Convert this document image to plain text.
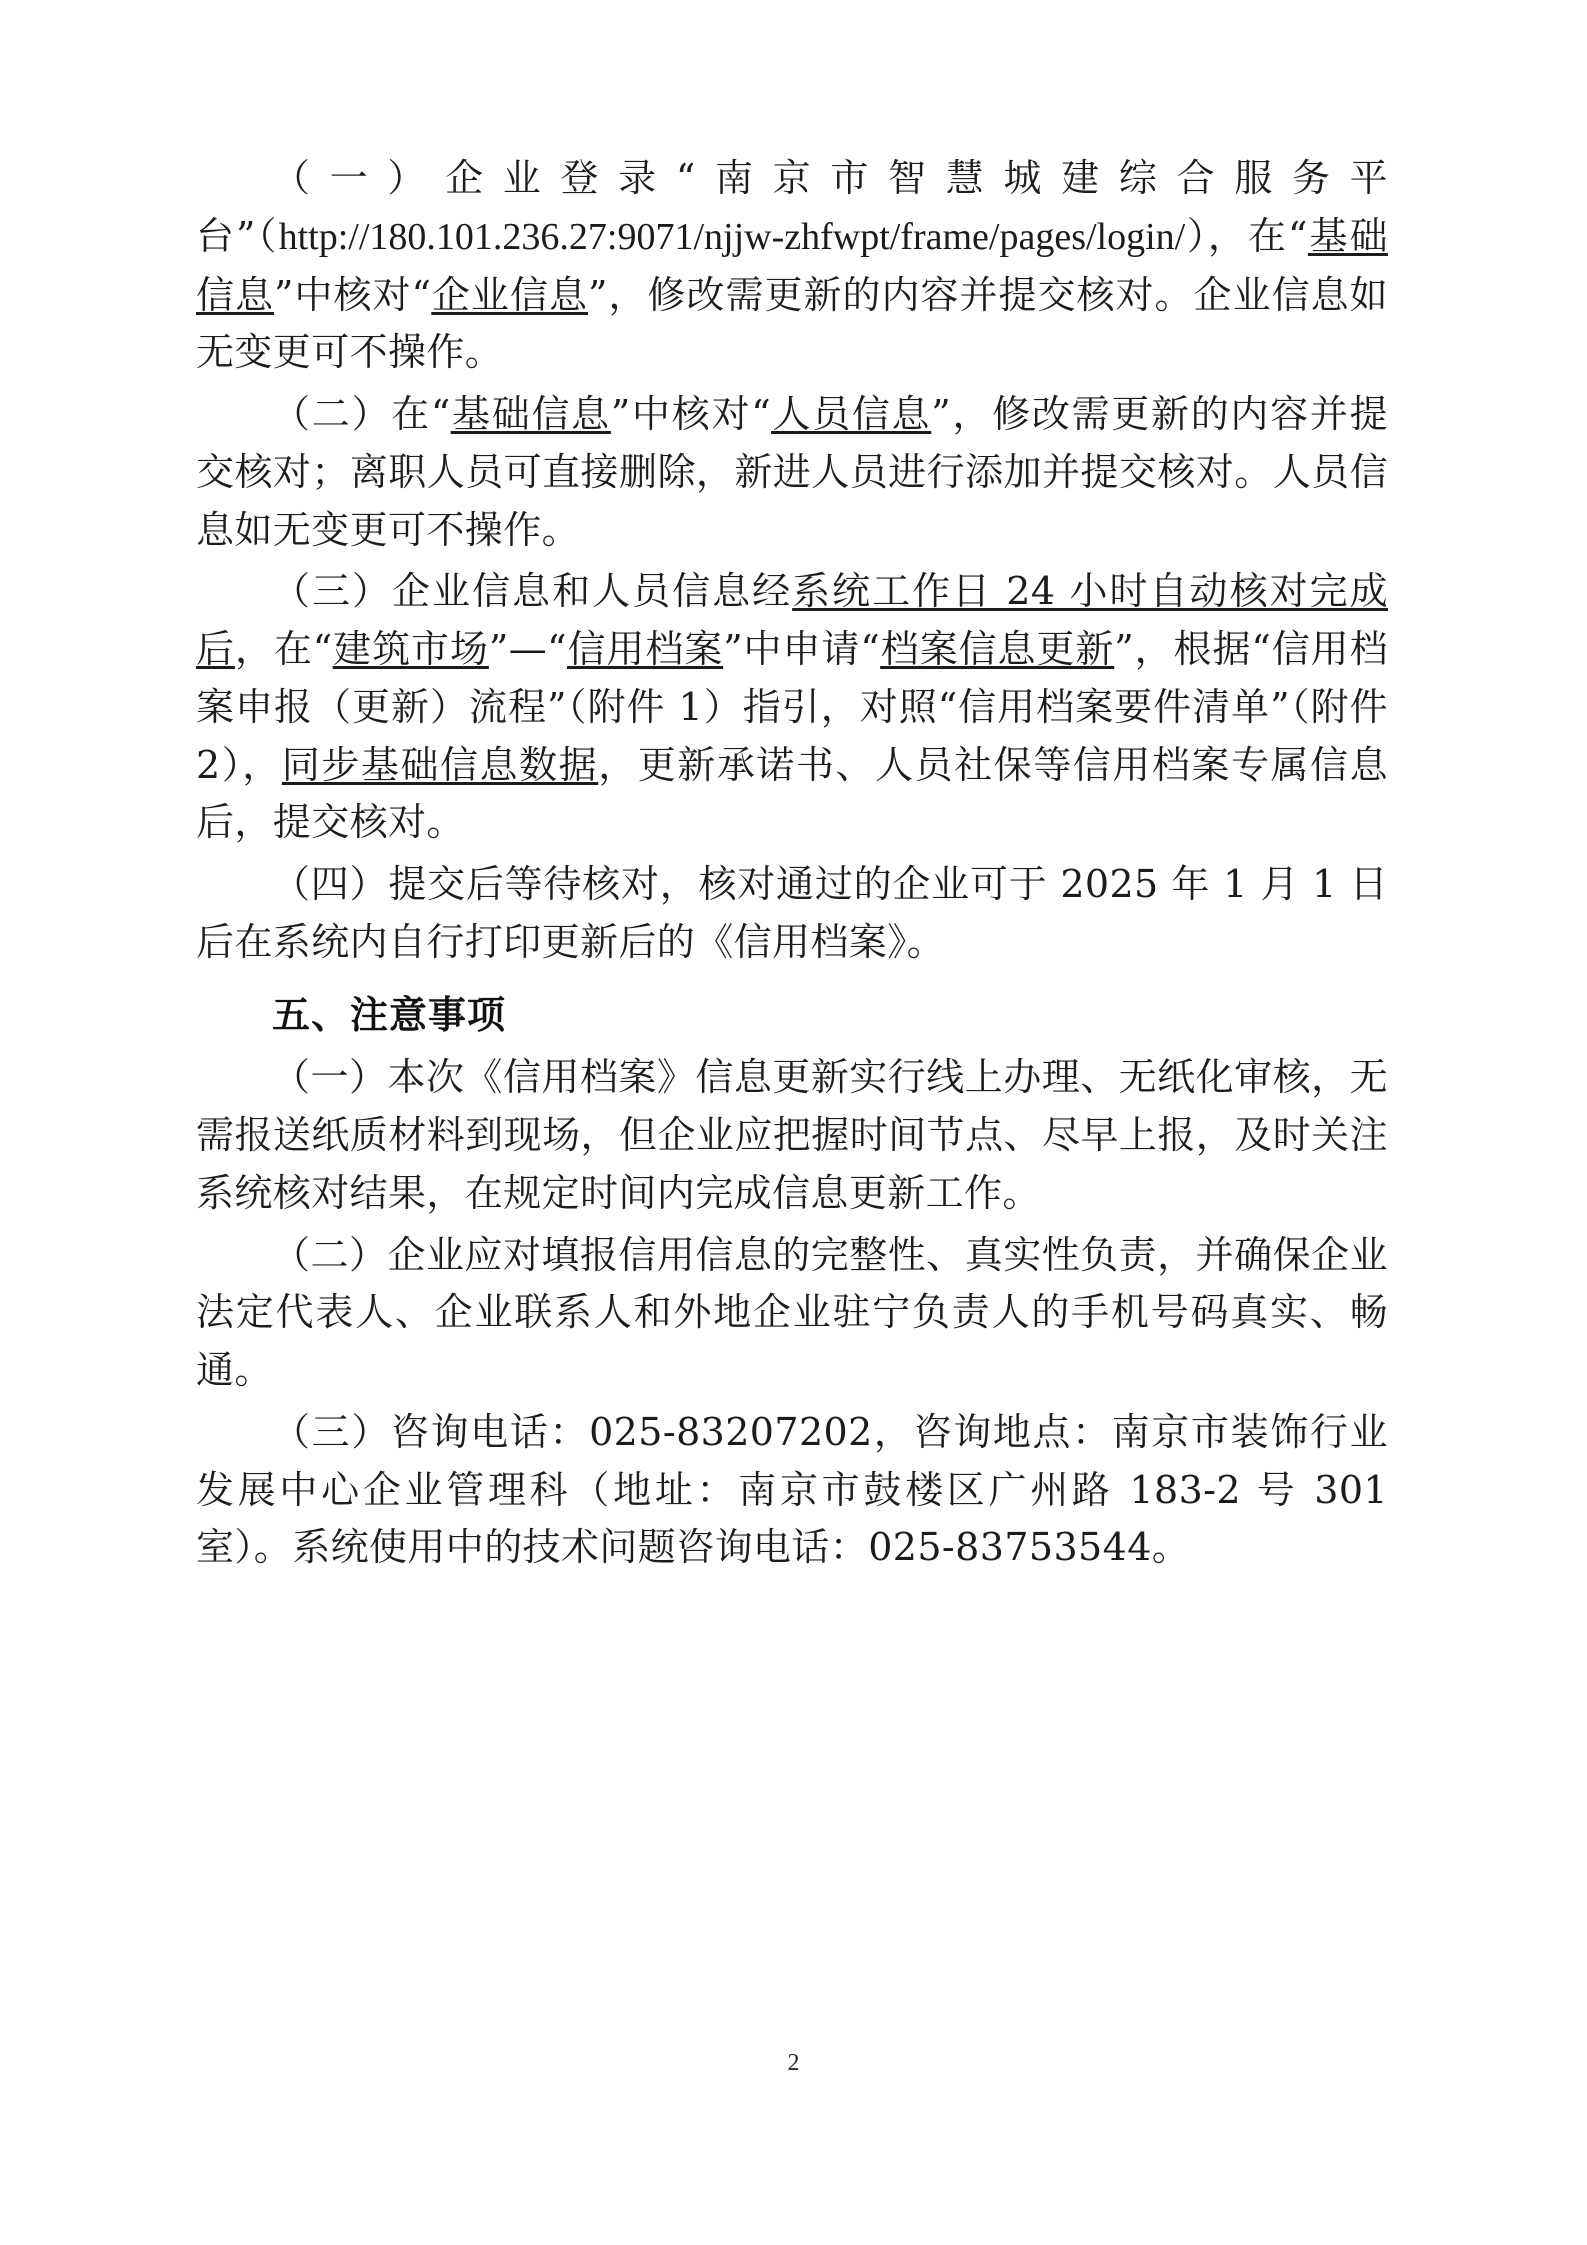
（一）企业登录“南京市智慧城建综合服务平台”（http://180.101.236.27:9071/njjw-zhfwpt/frame/pages/login/），在“基础信息”中核对“企业信息”，修改需更新的内容并提交核对。企业信息如无变更可不操作。

（二）在“基础信息”中核对“人员信息”，修改需更新的内容并提交核对；离职人员可直接删除，新进人员进行添加并提交核对。人员信息如无变更可不操作。

（三）企业信息和人员信息经系统工作日 24 小时自动核对完成后，在“建筑市场”—“信用档案”中申请“档案信息更新”，根据“信用档案申报（更新）流程”（附件 1）指引，对照“信用档案要件清单”（附件 2），同步基础信息数据，更新承诺书、人员社保等信用档案专属信息后，提交核对。

（四）提交后等待核对，核对通过的企业可于 2025 年 1 月 1 日后在系统内自行打印更新后的《信用档案》。

五、注意事项

（一）本次《信用档案》信息更新实行线上办理、无纸化审核，无需报送纸质材料到现场，但企业应把握时间节点、尽早上报，及时关注系统核对结果，在规定时间内完成信息更新工作。

（二）企业应对填报信用信息的完整性、真实性负责，并确保企业法定代表人、企业联系人和外地企业驻宁负责人的手机号码真实、畅通。

（三）咨询电话：025-83207202，咨询地点：南京市装饰行业发展中心企业管理科（地址：南京市鼓楼区广州路 183-2 号 301 室）。系统使用中的技术问题咨询电话：025-83753544。

2
